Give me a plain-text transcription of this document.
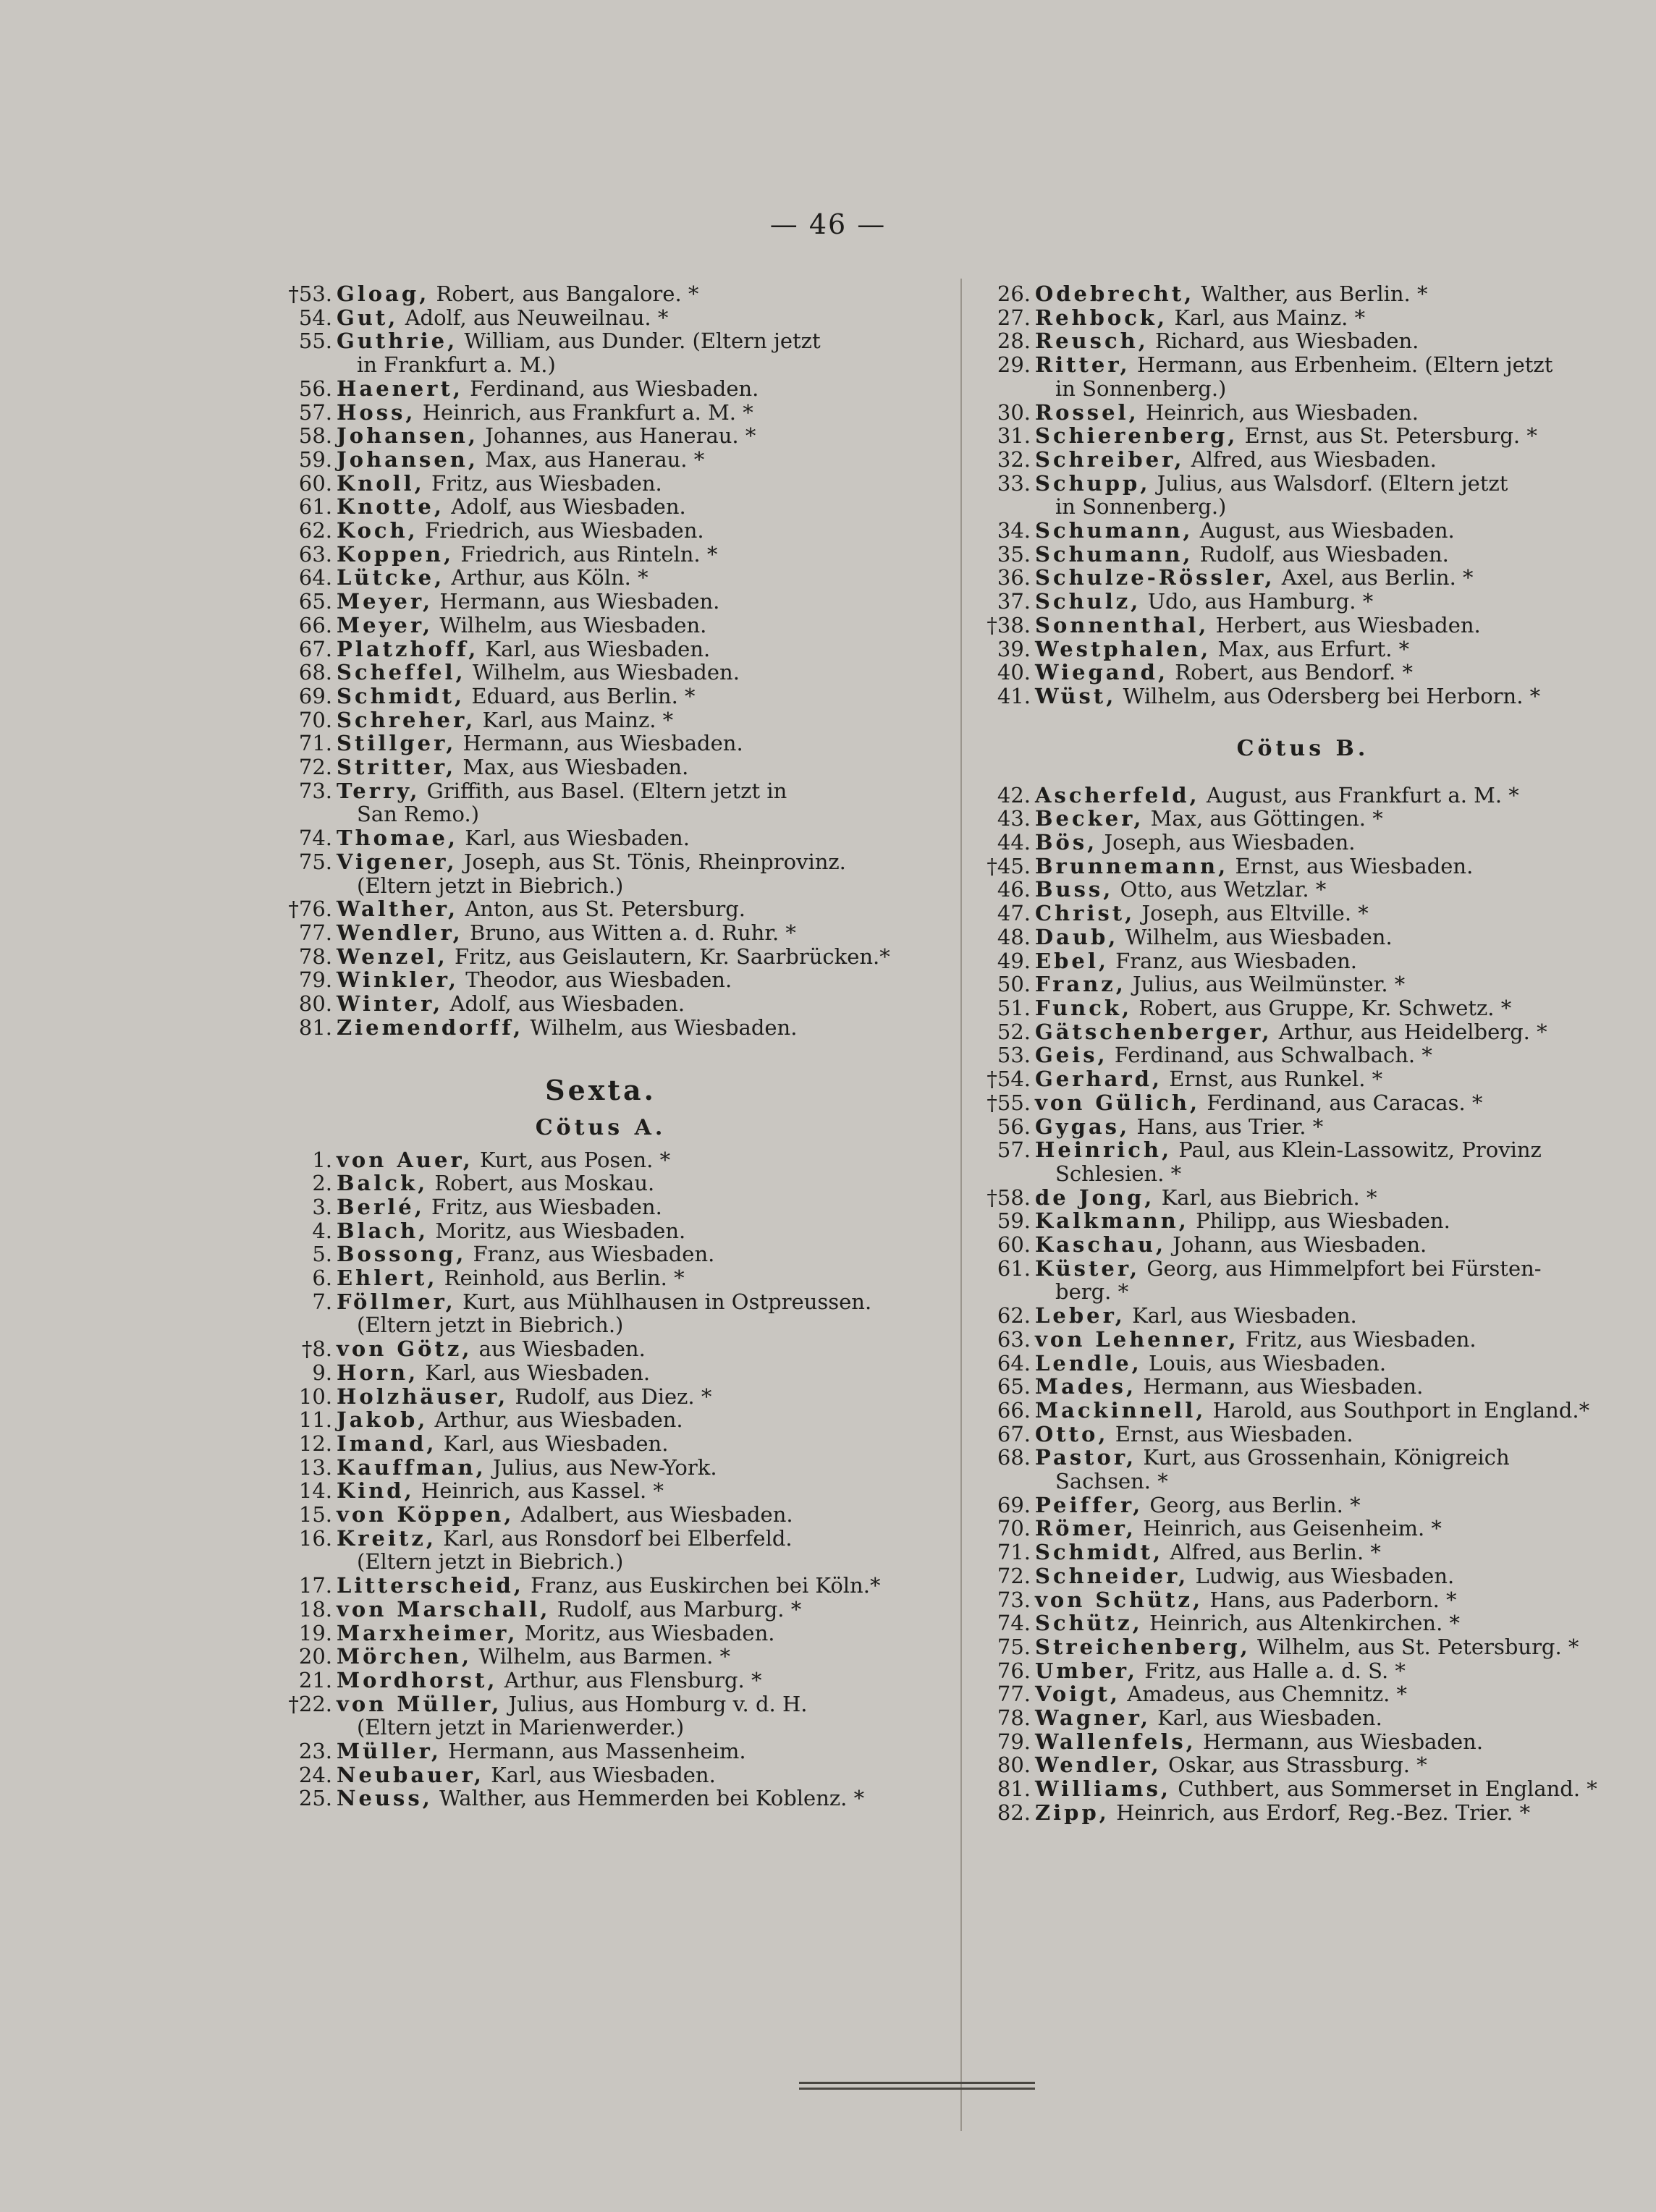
— 46 —
†53. Gloag, Robert, aus Bangalore. *
54. Gut, Adolf, aus Neuweilnau. *
55. Guthrie, William, aus Dunder. (Eltern jetzt
in Frankfurt a. M.)
56. Haenert, Ferdinand, aus Wiesbaden.
57. Hoss, Heinrich, aus Frankfurt a. M. *
58. Johansen, Johannes, aus Hanerau. *
59. Johansen, Max, aus Hanerau. *
60. Knoll, Fritz, aus Wiesbaden.
61. Knotte, Adolf, aus Wiesbaden.
62. Koch, Friedrich, aus Wiesbaden.
63. Koppen, Friedrich, aus Rinteln. *
64. Lütcke, Arthur, aus Köln. *
65. Meyer, Hermann, aus Wiesbaden.
66. Meyer, Wilhelm, aus Wiesbaden.
67. Platzhoff, Karl, aus Wiesbaden.
68. Scheffel, Wilhelm, aus Wiesbaden.
69. Schmidt, Eduard, aus Berlin. *
70. Schreher, Karl, aus Mainz. *
71. Stillger, Hermann, aus Wiesbaden.
72. Stritter, Max, aus Wiesbaden.
73. Terry, Griffith, aus Basel. (Eltern jetzt in
San Remo.)
74. Thomae, Karl, aus Wiesbaden.
75. Vigener, Joseph, aus St. Tönis, Rheinprovinz.
(Eltern jetzt in Biebrich.)
†76. Walther, Anton, aus St. Petersburg.
77. Wendler, Bruno, aus Witten a. d. Ruhr. *
78. Wenzel, Fritz, aus Geislautern, Kr. Saarbrücken.*
79. Winkler, Theodor, aus Wiesbaden.
80. Winter, Adolf, aus Wiesbaden.
81. Ziemendorff, Wilhelm, aus Wiesbaden.
Sexta.
Cötus A.
1. von Auer, Kurt, aus Posen. *
2. Balck, Robert, aus Moskau.
3. Berlé, Fritz, aus Wiesbaden.
4. Blach, Moritz, aus Wiesbaden.
5. Bossong, Franz, aus Wiesbaden.
6. Ehlert, Reinhold, aus Berlin. *
7. Föllmer, Kurt, aus Mühlhausen in Ostpreussen.
(Eltern jetzt in Biebrich.)
†8. von Götz, aus Wiesbaden.
9. Horn, Karl, aus Wiesbaden.
10. Holzhäuser, Rudolf, aus Diez. *
11. Jakob, Arthur, aus Wiesbaden.
12. Imand, Karl, aus Wiesbaden.
13. Kauffman, Julius, aus New-York.
14. Kind, Heinrich, aus Kassel. *
15. von Köppen, Adalbert, aus Wiesbaden.
16. Kreitz, Karl, aus Ronsdorf bei Elberfeld.
(Eltern jetzt in Biebrich.)
17. Litterscheid, Franz, aus Euskirchen bei Köln.*
18. von Marschall, Rudolf, aus Marburg. *
19. Marxheimer, Moritz, aus Wiesbaden.
20. Mörchen, Wilhelm, aus Barmen. *
21. Mordhorst, Arthur, aus Flensburg. *
†22. von Müller, Julius, aus Homburg v. d. H.
(Eltern jetzt in Marienwerder.)
23. Müller, Hermann, aus Massenheim.
24. Neubauer, Karl, aus Wiesbaden.
25. Neuss, Walther, aus Hemmerden bei Koblenz. *
26. Odebrecht, Walther, aus Berlin. *
27. Rehbock, Karl, aus Mainz. *
28. Reusch, Richard, aus Wiesbaden.
29. Ritter, Hermann, aus Erbenheim. (Eltern jetzt
in Sonnenberg.)
30. Rossel, Heinrich, aus Wiesbaden.
31. Schierenberg, Ernst, aus St. Petersburg. *
32. Schreiber, Alfred, aus Wiesbaden.
33. Schupp, Julius, aus Walsdorf. (Eltern jetzt
in Sonnenberg.)
34. Schumann, August, aus Wiesbaden.
35. Schumann, Rudolf, aus Wiesbaden.
36. Schulze-Rössler, Axel, aus Berlin. *
37. Schulz, Udo, aus Hamburg. *
†38. Sonnenthal, Herbert, aus Wiesbaden.
39. Westphalen, Max, aus Erfurt. *
40. Wiegand, Robert, aus Bendorf. *
41. Wüst, Wilhelm, aus Odersberg bei Herborn. *
Cötus B.
42. Ascherfeld, August, aus Frankfurt a. M. *
43. Becker, Max, aus Göttingen. *
44. Bös, Joseph, aus Wiesbaden.
†45. Brunnemann, Ernst, aus Wiesbaden.
46. Buss, Otto, aus Wetzlar. *
47. Christ, Joseph, aus Eltville. *
48. Daub, Wilhelm, aus Wiesbaden.
49. Ebel, Franz, aus Wiesbaden.
50. Franz, Julius, aus Weilmünster. *
51. Funck, Robert, aus Gruppe, Kr. Schwetz. *
52. Gätschenberger, Arthur, aus Heidelberg. *
53. Geis, Ferdinand, aus Schwalbach. *
†54. Gerhard, Ernst, aus Runkel. *
†55. von Gülich, Ferdinand, aus Caracas. *
56. Gygas, Hans, aus Trier. *
57. Heinrich, Paul, aus Klein-Lassowitz, Provinz
Schlesien. *
†58. de Jong, Karl, aus Biebrich. *
59. Kalkmann, Philipp, aus Wiesbaden.
60. Kaschau, Johann, aus Wiesbaden.
61. Küster, Georg, aus Himmelpfort bei Fürsten-
berg. *
62. Leber, Karl, aus Wiesbaden.
63. von Lehenner, Fritz, aus Wiesbaden.
64. Lendle, Louis, aus Wiesbaden.
65. Mades, Hermann, aus Wiesbaden.
66. Mackinnell, Harold, aus Southport in England.*
67. Otto, Ernst, aus Wiesbaden.
68. Pastor, Kurt, aus Grossenhain, Königreich
Sachsen. *
69. Peiffer, Georg, aus Berlin. *
70. Römer, Heinrich, aus Geisenheim. *
71. Schmidt, Alfred, aus Berlin. *
72. Schneider, Ludwig, aus Wiesbaden.
73. von Schütz, Hans, aus Paderborn. *
74. Schütz, Heinrich, aus Altenkirchen. *
75. Streichenberg, Wilhelm, aus St. Petersburg. *
76. Umber, Fritz, aus Halle a. d. S. *
77. Voigt, Amadeus, aus Chemnitz. *
78. Wagner, Karl, aus Wiesbaden.
79. Wallenfels, Hermann, aus Wiesbaden.
80. Wendler, Oskar, aus Strassburg. *
81. Williams, Cuthbert, aus Sommerset in England. *
82. Zipp, Heinrich, aus Erdorf, Reg.-Bez. Trier. *
